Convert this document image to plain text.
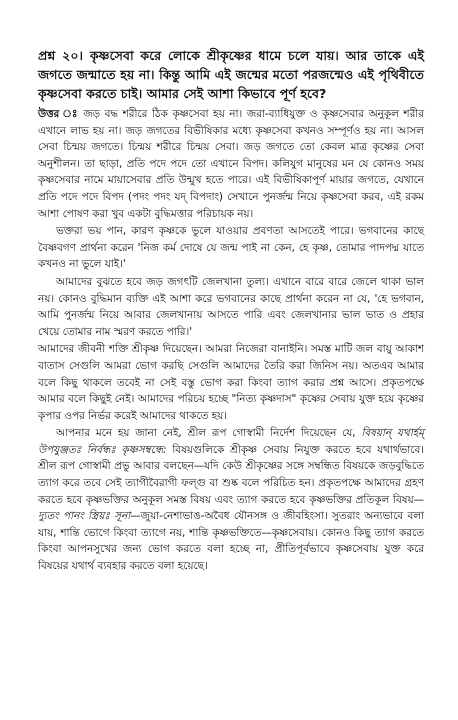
প্রশ্ন ২০। কৃষ্ণসেবা করে লোকে শ্রীকৃষ্ণের ধামে চলে যায়। আর তাকে এই জগতে জন্মাতে হয় না। কিন্তু আমি এই জন্মের মতো পরজন্মেও এই পৃথিবীতে কৃষ্ণসেবা করতে চাই। আমার সেই আশা কিভাবে পূর্ণ হবে?

উত্তর ঃ জড় বদ্ধ শরীরে ঠিক কৃষ্ণসেবা হয় না। জরা-ব্যাধিযুক্ত ও কৃষ্ণসেবার অনুকূল শরীর এখানে লাভ হয় না। জড় জগতের বিভীষিকার মধ্যে কৃষ্ণসেবা কখনও সম্পূর্ণও হয় না। আসল সেবা চিন্ময় জগতে। চিন্ময় শরীরে চিন্ময় সেবা। জড় জগতে তো কেবল মাত্র কৃষ্ণের সেবা অনুশীলন। তা ছাড়া, প্রতি পদে পদে তো এখানে বিপদ। কলিযুগ মানুষের মন যে কোনও সময় কৃষ্ণসেবার নামে মায়াসেবার প্রতি উন্মুখ হতে পারে। এই বিভীষিকাপূর্ণ মায়ার জগতে, যেখানে প্রতি পদে পদে বিপদ (পদং পদং যদ্ বিপদাং) সেখানে পুনর্জন্ম নিয়ে কৃষ্ণসেবা করব, এই রকম আশা পোষণ করা খুব একটা বুদ্ধিমত্তার পরিচায়ক নয়।

ভক্তরা ভয় পান, কারণ কৃষ্ণকে ভুলে যাওয়ার প্রবণতা আসতেই পারে। ভগবানের কাছে বৈষ্ণবগণ প্রার্থনা করেন 'নিজ কর্ম দোষে যে জন্ম পাই না কেন, হে কৃষ্ণ, তোমার পাদপদ্ম যাতে কখনও না ভুলে যাই।'

আমাদের বুঝতে হবে জড় জগৎটি জেলখানা তুল্য। এখানে বারে বারে জেলে থাকা ভাল নয়। কোনও বুদ্ধিমান ব্যক্তি এই আশা করে ভগবানের কাছে প্রার্থনা করেন না যে, 'হে ভগবান, আমি পুনর্জন্ম নিয়ে আবার জেলখানায় আসতে পারি এবং জেলখানার ভাল ভাত ও প্রহার খেয়ে তোমার নাম স্মরণ করতে পারি।'

আমাদের জীবনী শক্তি শ্রীকৃষ্ণ দিয়েছেন। আমরা নিজেরা বানাইনি। সমস্ত মাটি জল বায়ু আকাশ বাতাস সেগুলি আমরা ভোগ করছি সেগুলি আমাদের তৈরি করা জিনিস নয়। অতএব আমার বলে কিছু থাকলে তবেই না সেই বস্তু ভোগ করা কিংবা ত্যাগ করার প্রশ্ন আসে। প্রকৃতপক্ষে আমার বলে কিছুই নেই। আমাদের পরিচয় হচ্ছে "নিত্য কৃষ্ণদাস" কৃষ্ণের সেবায় যুক্ত হয়ে কৃষ্ণের কৃপার ওপর নির্ভর করেই আমাদের থাকতে হয়।

আপনার মনে হয় জানা নেই, শ্রীল রূপ গোস্বামী নির্দেশ দিয়েছেন যে, বিষয়ান্ যথার্হম্ উপযুঞ্জতঃ নির্বন্ধঃ কৃষ্ণসম্বন্ধে: বিষয়গুলিকে শ্রীকৃষ্ণ সেবায় নিযুক্ত করতে হবে যথার্থভাবে। শ্রীল রূপ গোস্বামী প্রভু আবার বলছেন—যদি কেউ শ্রীকৃষ্ণের সঙ্গে সম্বন্ধিত বিষয়কে জড়বুদ্ধিতে ত্যাগ করে তবে সেই ত্যাগীবৈরাগী ফল্গু বা শুষ্ক বলে পরিচিত হন। প্রকৃতপক্ষে আমাদের গ্রহণ করতে হবে কৃষ্ণভক্তির অনুকূল সমস্ত বিষয় এবং ত্যাগ করতে হবে কৃষ্ণভক্তির প্রতিকূল বিষয়—দ্যুতং পানং স্ত্রিয়ঃ সূনা—জুয়া-নেশাভাঙ-অবৈধ যৌনসঙ্গ ও জীবহিংসা। সুতরাং অন্যভাবে বলা যায়, শান্তি ভোগে কিংবা ত্যাগে নয়, শান্তি কৃষ্ণভক্তিতে—কৃষ্ণসেবায়। কোনও কিছু ত্যাগ করতে কিংবা আপনসুখের জন্য ভোগ করতে বলা হচ্ছে না, প্রীতিপূর্বভাবে কৃষ্ণসেবায় যুক্ত করে বিষয়ের যথার্থ ব্যবহার করতে বলা হয়েছে।
